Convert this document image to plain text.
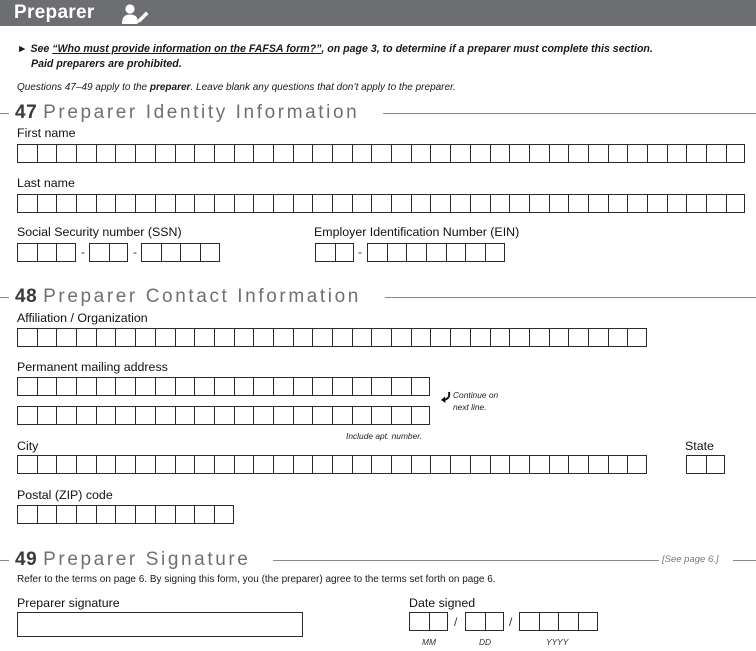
Preparer
► See “Who must provide information on the FAFSA form?”, on page 3, to determine if a preparer must complete this section.
Paid preparers are prohibited.
Questions 47–49 apply to the preparer. Leave blank any questions that don’t apply to the preparer.
47 Preparer Identity Information
First name
Last name
Social Security number (SSN)
-	-
Employer Identification Number (EIN)
-
48 Preparer Contact Information
Affiliation / Organization
Permanent mailing address
Continue on
next line.
Include apt. number.
City	State
Postal (ZIP) code
49 Preparer Signature	[See page 6.]
Refer to the terms on page 6. By signing this form, you (the preparer) agree to the terms set forth on page 6.
Preparer signature	Date signed
/	/
MM	DD	YYYY
